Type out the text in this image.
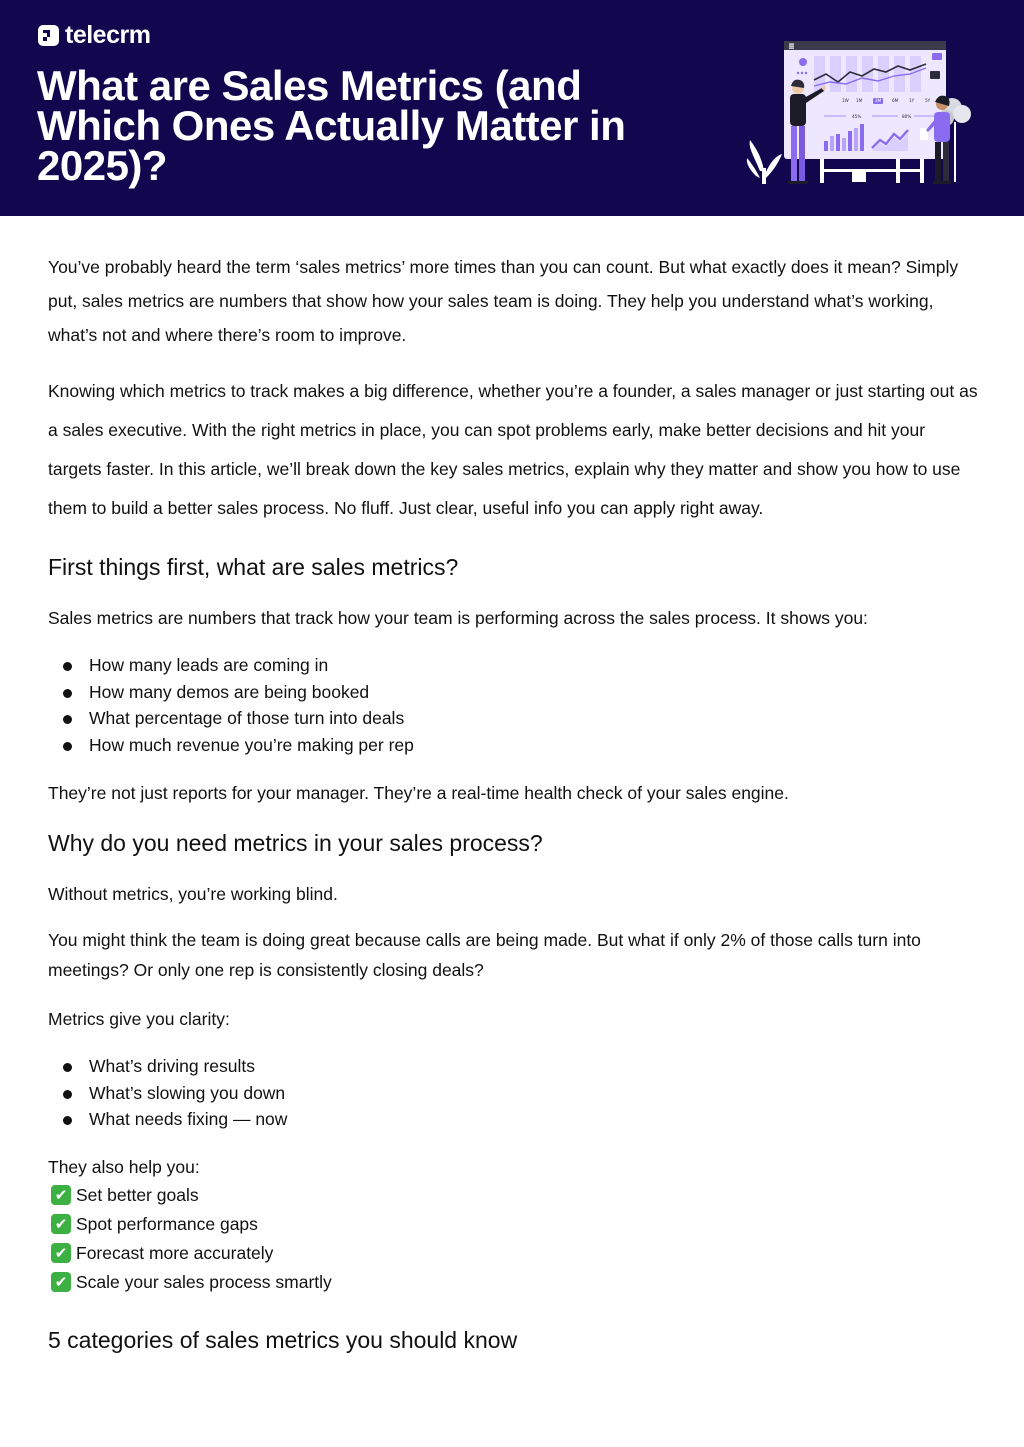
telecrm
What are Sales Metrics (and Which Ones Actually Matter in 2025)?
1W 1M	3M	6M	1Y	5Y
45%	80%

You’ve probably heard the term ‘sales metrics’ more times than you can count. But what exactly does it mean? Simply put, sales metrics are numbers that show how your sales team is doing. They help you understand what’s working, what’s not and where there’s room to improve.

Knowing which metrics to track makes a big difference, whether you’re a founder, a sales manager or just starting out as a sales executive. With the right metrics in place, you can spot problems early, make better decisions and hit your targets faster. In this article, we’ll break down the key sales metrics, explain why they matter and show you how to use them to build a better sales process. No fluff. Just clear, useful info you can apply right away.

First things first, what are sales metrics?

Sales metrics are numbers that track how your team is performing across the sales process. It shows you:

How many leads are coming in
How many demos are being booked
What percentage of those turn into deals
How much revenue you’re making per rep

They’re not just reports for your manager. They’re a real-time health check of your sales engine.

Why do you need metrics in your sales process?

Without metrics, you’re working blind.

You might think the team is doing great because calls are being made. But what if only 2% of those calls turn into meetings? Or only one rep is consistently closing deals?

Metrics give you clarity:

What’s driving results
What’s slowing you down
What needs fixing — now
They also help you:
✔ Set better goals
✔ Spot performance gaps
✔ Forecast more accurately
✔ Scale your sales process smartly
5 categories of sales metrics you should know
